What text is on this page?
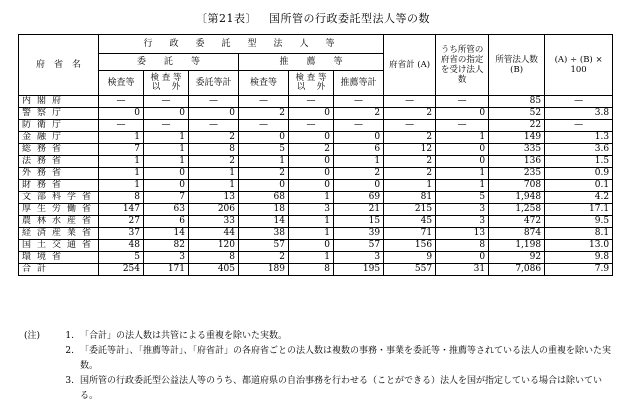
〔第21表〕 国所管の行政委託型法人等の数
府　省　名	行　政　委　託　型　法　人　等						府省計 (A)	うち所管の府省の指定を受け法人数	所管法人数 (B)	(A) ÷ (B) × 100
	委　　託　　等			推　　薦　　等						
	検査等	検 査 等 以　 外	委託等計	検査等	検 査 等 以　 外	推薦等計				
内閣府	—	—	—	—	—	—	—	—	85	—
警察庁	0	0	0	2	0	2	2	0	52	3.8
防衛庁	—	—	—	—	—	—	—	—	22	—
金融庁	1	1	2	0	0	0	2	1	149	1.3
総務省	7	1	8	5	2	6	12	0	335	3.6
法務省	1	1	2	1	0	1	2	0	136	1.5
外務省	1	0	1	2	0	2	2	1	235	0.9
財務省	1	0	1	0	0	0	1	1	708	0.1
文部科学省	8	7	13	68	1	69	81	5	1,948	4.2
厚生労働省	147	63	206	18	3	21	215	3	1,258	17.1
農林水産省	27	6	33	14	1	15	45	3	472	9.5
経済産業省	37	14	44	38	1	39	71	13	874	8.1
国土交通省	48	82	120	57	0	57	156	8	1,198	13.0
環境省	5	3	8	2	1	3	9	0	92	9.8
合計	254	171	405	189	8	195	557	31	7,086	7.9
(注)	1. 「合計」の法人数は共管による重複を除いた実数。
2. 「委託等計」、「推薦等計」、「府省計」の各府省ごとの法人数は複数の事務・事業を委託等・推薦等されている法人の重複を除いた実数。
3. 国所管の行政委託型公益法人等のうち、都道府県の自治事務を行わせる（ことができる）法人を国が指定している場合は除いている。
